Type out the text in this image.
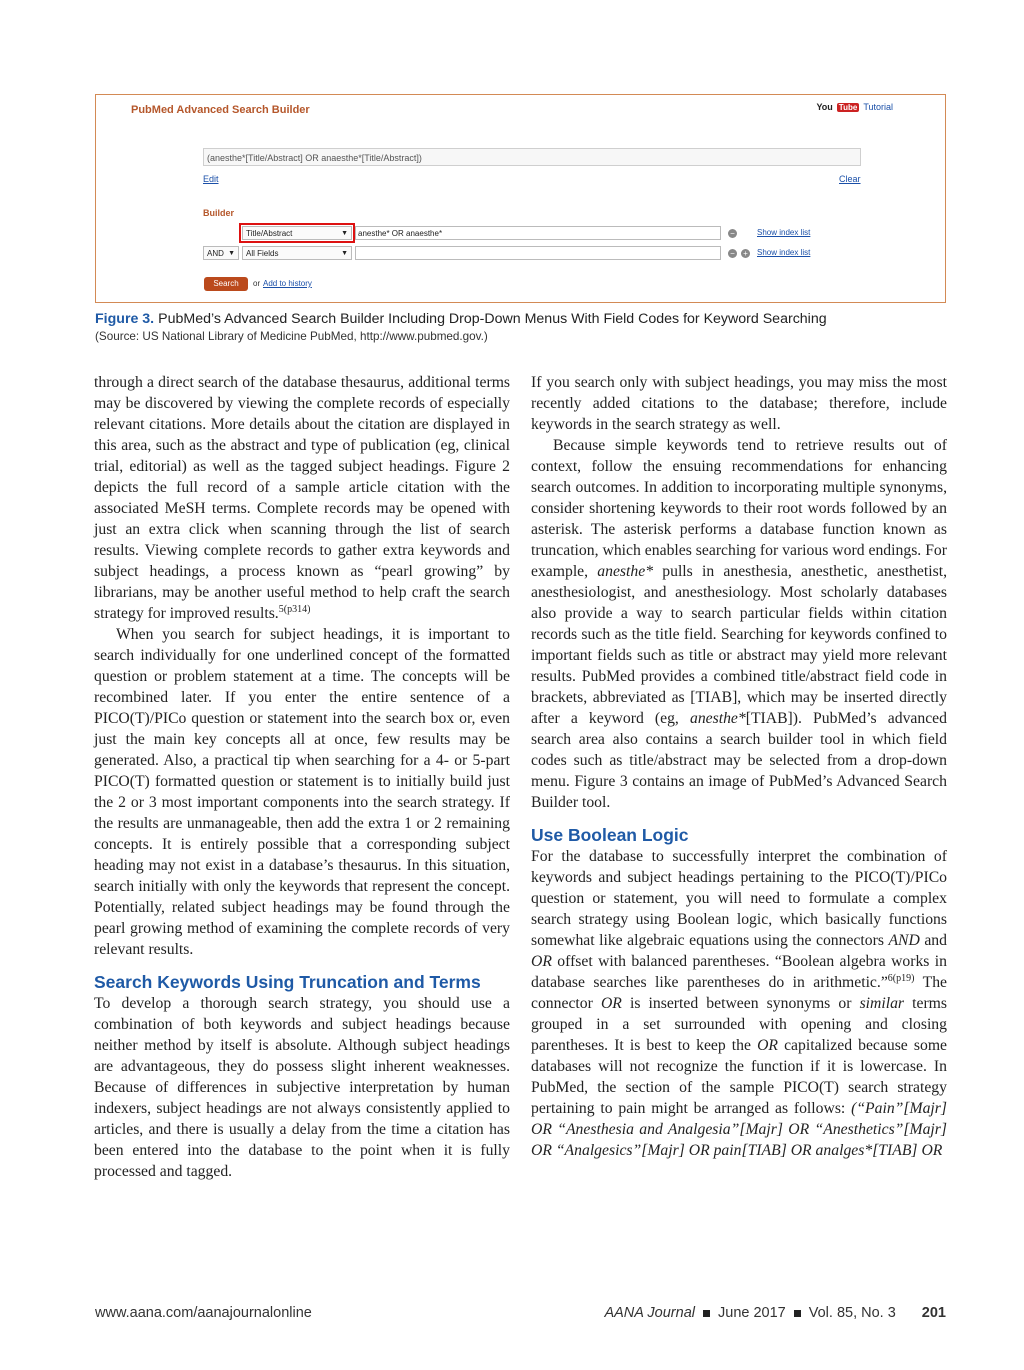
PubMed Advanced Search Builder	You Tube Tutorial
(anesthe*[Title/Abstract] OR anaesthe*[Title/Abstract])
Edit	Clear
Builder
Title/Abstract	▼	anesthe* OR anaesthe*	−	Show index list
AND ▼	All Fields	▼	− + Show index list
Search	or Add to history
Figure 3. PubMed’s Advanced Search Builder Including Drop-Down Menus With Field Codes for Keyword Searching
(Source: US National Library of Medicine PubMed, http://www.pubmed.gov.)

through a direct search of the database thesaurus, additional terms may be discovered by viewing the complete records of especially relevant citations. More details about the citation are displayed in this area, such as the abstract and type of publication (eg, clinical trial, editorial) as well as the tagged subject headings. Figure 2 depicts the full record of a sample article citation with the associated MeSH terms. Complete records may be opened with just an extra click when scanning through the list of search results. Viewing complete records to gather extra keywords and subject headings, a process known as “pearl growing” by librarians, may be another useful method to help craft the search strategy for improved results.$^{5(p314)}$

When you search for subject headings, it is important to search individually for one underlined concept of the formatted question or problem statement at a time. The concepts will be recombined later. If you enter the entire sentence of a PICO(T)/PICo question or statement into the search box or, even just the main key concepts all at once, few results may be generated. Also, a practical tip when searching for a 4- or 5-part PICO(T) formatted question or statement is to initially build just the 2 or 3 most important components into the search strategy. If the results are unmanageable, then add the extra 1 or 2 remaining concepts. It is entirely possible that a corresponding subject heading may not exist in a database’s thesaurus. In this situation, search initially with only the keywords that represent the concept. Potentially, related subject headings may be found through the pearl growing method of examining the complete records of very relevant results.

Search Keywords Using Truncation and Terms

To develop a thorough search strategy, you should use a combination of both keywords and subject headings because neither method by itself is absolute. Although subject headings are advantageous, they do possess slight inherent weaknesses. Because of differences in subjective interpretation by human indexers, subject headings are not always consistently applied to articles, and there is usually a delay from the time a citation has been entered into the database to the point when it is fully processed and tagged.

If you search only with subject headings, you may miss the most recently added citations to the database; therefore, include keywords in the search strategy as well.

Because simple keywords tend to retrieve results out of context, follow the ensuing recommendations for enhancing search outcomes. In addition to incorporating multiple synonyms, consider shortening keywords to their root words followed by an asterisk. The asterisk performs a database function known as truncation, which enables searching for various word endings. For example, anesthe* pulls in anesthesia, anesthetic, anesthetist, anesthesiologist, and anesthesiology. Most scholarly databases also provide a way to search particular fields within citation records such as the title field. Searching for keywords confined to important fields such as title or abstract may yield more relevant results. PubMed provides a combined title/abstract field code in brackets, abbreviated as [TIAB], which may be inserted directly after a keyword (eg, anesthe*[TIAB]). PubMed’s advanced search area also contains a search builder tool in which field codes such as title/abstract may be selected from a drop-down menu. Figure 3 contains an image of PubMed’s Advanced Search Builder tool.

Use Boolean Logic

For the database to successfully interpret the combination of keywords and subject headings pertaining to the PICO(T)/PICo question or statement, you will need to formulate a complex search strategy using Boolean logic, which basically functions somewhat like algebraic equations using the connectors AND and OR offset with balanced parentheses. “Boolean algebra works in database searches like parentheses do in arithmetic.”$^{6(p19)}$ The connector OR is inserted between synonyms or similar terms grouped in a set surrounded with opening and closing parentheses. It is best to keep the OR capitalized because some databases will not recognize the function if it is lowercase. In PubMed, the section of the sample PICO(T) search strategy pertaining to pain might be arranged as follows: (“Pain”[Majr] OR “Anesthesia and Analgesia”[Majr] OR “Anesthetics”[Majr] OR “Analgesics”[Majr] OR pain[TIAB] OR analges*[TIAB] OR

www.aana.com/aanajournalonline	AANA Journal June 2017 Vol. 85, No. 3 201
